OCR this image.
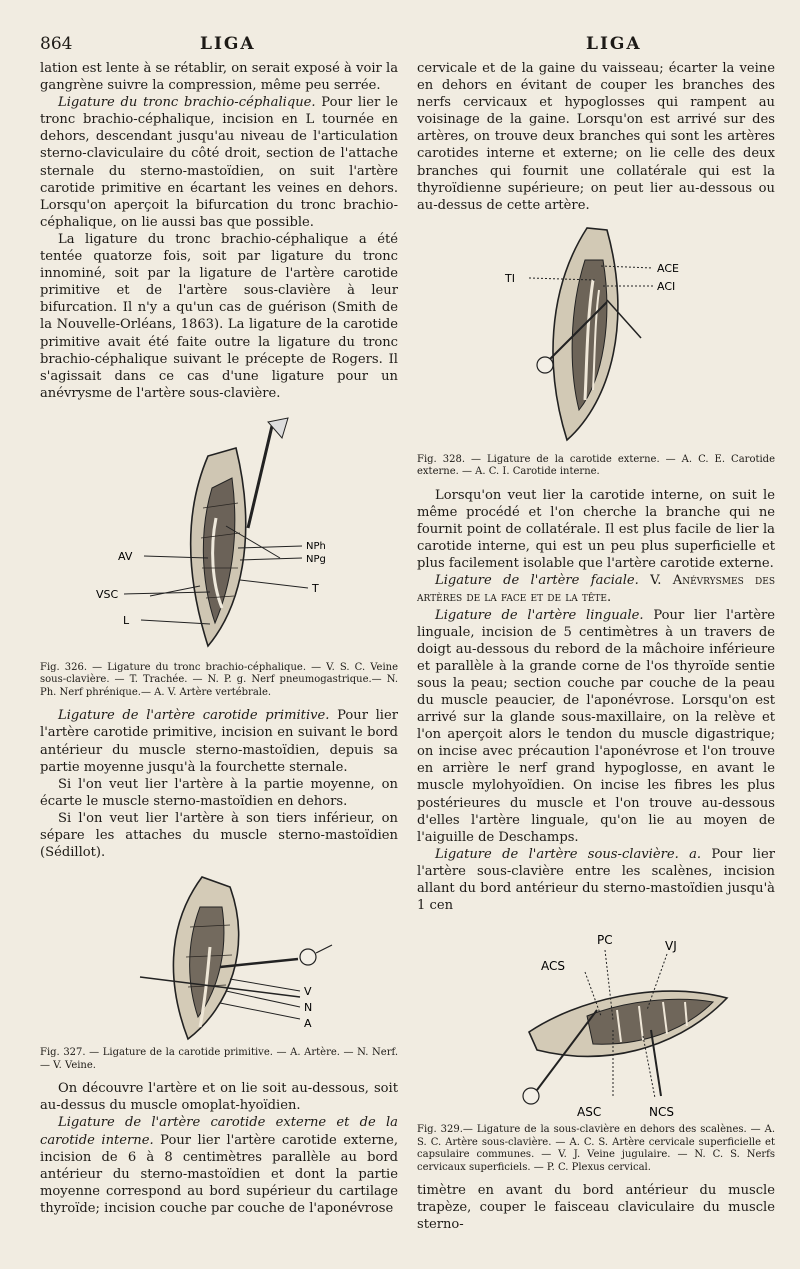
864	LIGA	LIGA

lation est lente à se rétablir, on serait exposé à voir la gangrène suivre la compression, même peu serrée.

Ligature du tronc brachio-céphalique. Pour lier le tronc brachio-céphalique, incision en L tournée en dehors, descendant jusqu'au niveau de l'articulation sterno-claviculaire du côté droit, section de l'attache sternale du sterno-mastoïdien, on suit l'artère carotide primitive en écartant les veines en dehors. Lorsqu'on aperçoit la bifurcation du tronc brachio-céphalique, on lie aussi bas que possible.

La ligature du tronc brachio-céphalique a été tentée quatorze fois, soit par ligature du tronc innominé, soit par la ligature de l'artère carotide primitive et de l'artère sous-clavière à leur bifurcation. Il n'y a qu'un cas de guérison (Smith de la Nouvelle-Orléans, 1863). La ligature de la carotide primitive avait été faite outre la ligature du tronc brachio-céphalique suivant le précepte de Rogers. Il s'agissait dans ce cas d'une ligature pour un anévrysme de l'artère sous-clavière.

AV
VSC
L
NPh
NPg
T
Fig. 326. — Ligature du tronc brachio-céphalique. — V. S. C. Veine sous-clavière. — T. Trachée. — N. P. g. Nerf pneumogastrique.— N. Ph. Nerf phrénique.— A. V. Artère vertébrale.

Ligature de l'artère carotide primitive. Pour lier l'artère carotide primitive, incision en suivant le bord antérieur du muscle sterno-mastoïdien, depuis sa partie moyenne jusqu'à la fourchette sternale.

Si l'on veut lier l'artère à la partie moyenne, on écarte le muscle sterno-mastoïdien en dehors.

Si l'on veut lier l'artère à son tiers inférieur, on sépare les attaches du muscle sterno-mastoïdien (Sédillot).

V
N
A
Fig. 327. — Ligature de la carotide primitive. — A. Artère. — N. Nerf. — V. Veine.

On découvre l'artère et on lie soit au-dessous, soit au-dessus du muscle omoplat-hyoïdien.

Ligature de l'artère carotide externe et de la carotide interne. Pour lier l'artère carotide externe, incision de 6 à 8 centimètres parallèle au bord antérieur du sterno-mastoïdien et dont la partie moyenne correspond au bord supérieur du cartilage thyroïde; incision couche par couche de l'aponévrose

cervicale et de la gaine du vaisseau; écarter la veine en dehors en évitant de couper les branches des nerfs cervicaux et hypoglosses qui rampent au voisinage de la gaine. Lorsqu'on est arrivé sur des artères, on trouve deux branches qui sont les artères carotides interne et externe; on lie celle des deux branches qui fournit une collatérale qui est la thyroïdienne supérieure; on peut lier au-dessous ou au-dessus de cette artère.

TI
ACE
ACI
Fig. 328. — Ligature de la carotide externe. — A. C. E. Carotide externe. — A. C. I. Carotide interne.

Lorsqu'on veut lier la carotide interne, on suit le même procédé et l'on cherche la branche qui ne fournit point de collatérale. Il est plus facile de lier la carotide interne, qui est un peu plus superficielle et plus facilement isolable que l'artère carotide externe.

Ligature de l'artère faciale. V. Anévrysmes des artères de la face et de la tête.

Ligature de l'artère linguale. Pour lier l'artère linguale, incision de 5 centimètres à un travers de doigt au-dessous du rebord de la mâchoire inférieure et parallèle à la grande corne de l'os thyroïde sentie sous la peau; section couche par couche de la peau du muscle peaucier, de l'aponévrose. Lorsqu'on est arrivé sur la glande sous-maxillaire, on la relève et l'on aperçoit alors le tendon du muscle digastrique; on incise avec précaution l'aponévrose et l'on trouve en arrière le nerf grand hypoglosse, en avant le muscle mylohyoïdien. On incise les fibres les plus postérieures du muscle et l'on trouve au-dessous d'elles l'artère linguale, qu'on lie au moyen de l'aiguille de Deschamps.

Ligature de l'artère sous-clavière. a. Pour lier l'artère sous-clavière entre les scalènes, incision allant du bord antérieur du sterno-mastoïdien jusqu'à 1 cen

PC	VJ
ACS
ASC	NCS
Fig. 329.— Ligature de la sous-clavière en dehors des scalènes. — A. S. C. Artère sous-clavière. — A. C. S. Artère cervicale superficielle et capsulaire communes. — V. J. Veine jugulaire. — N. C. S. Nerfs cervicaux superficiels. — P. C. Plexus cervical.

timètre en avant du bord antérieur du muscle trapèze, couper le faisceau claviculaire du muscle sterno-
